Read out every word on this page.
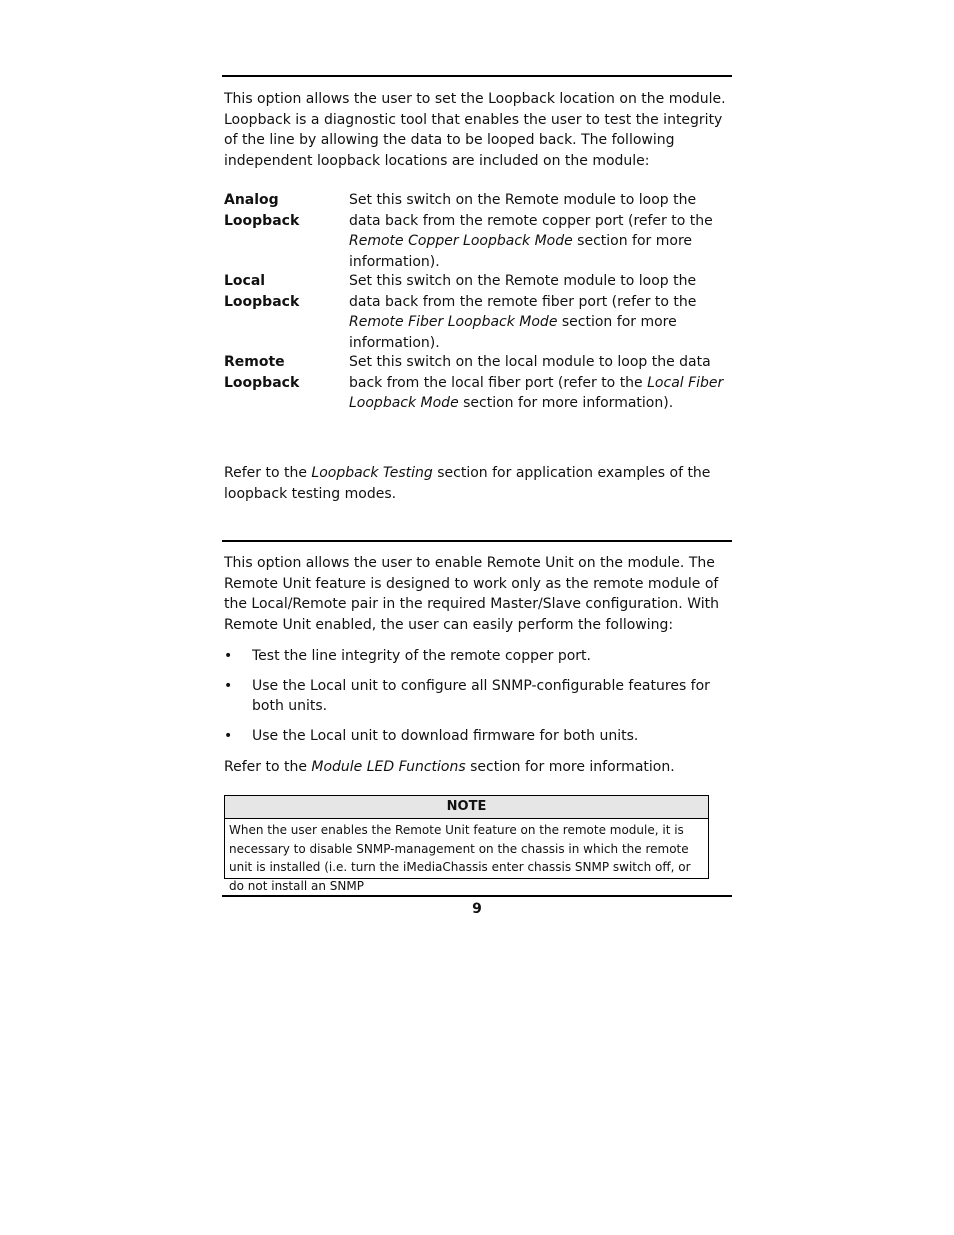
This option allows the user to set the Loopback location on the module. Loopback is a diagnostic tool that enables the user to test the integrity of the line by allowing the data to be looped back. The following independent loopback locations are included on the module:

Analog Loopback
Set this switch on the Remote module to loop the data back from the remote copper port (refer to the Remote Copper Loopback Mode section for more information).
Local Loopback
Set this switch on the Remote module to loop the data back from the remote fiber port (refer to the Remote Fiber Loopback Mode section for more information).
Remote Loopback
Set this switch on the local module to loop the data back from the local fiber port (refer to the Local Fiber Loopback Mode section for more information).

Refer to the Loopback Testing section for application examples of the loopback testing modes.

This option allows the user to enable Remote Unit on the module. The Remote Unit feature is designed to work only as the remote module of the Local/Remote pair in the required Master/Slave configuration. With Remote Unit enabled, the user can easily perform the following:

• Test the line integrity of the remote copper port.
• Use the Local unit to configure all SNMP-configurable features for both units.
• Use the Local unit to download firmware for both units.

Refer to the Module LED Functions section for more information.

NOTE
When the user enables the Remote Unit feature on the remote module, it is necessary to disable SNMP-management on the chassis in which the remote unit is installed (i.e. turn the iMediaChassis enter chassis SNMP switch off, or do not install an SNMP
9
